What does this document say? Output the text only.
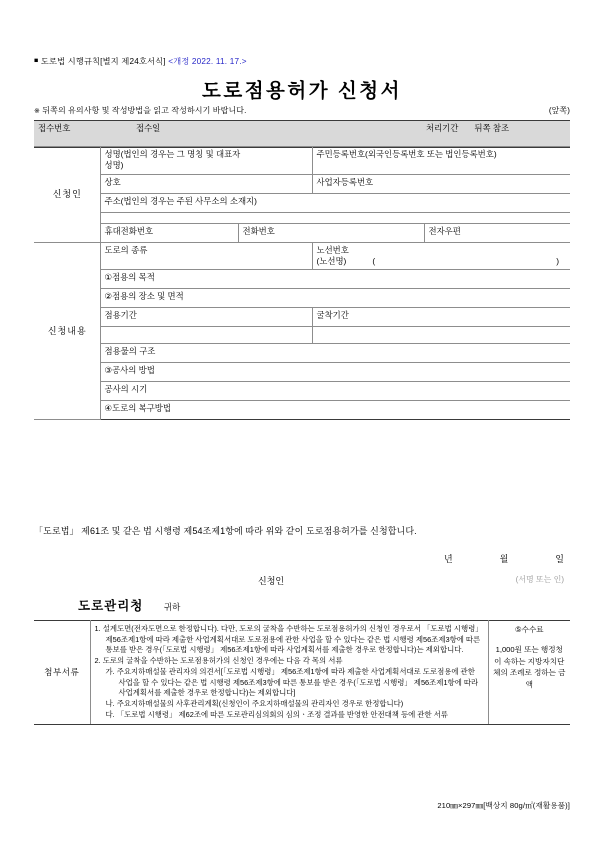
■ 도로법 시행규칙[별지 제24호서식] <개정 2022. 11. 17.>
도로점용허가 신청서
※ 뒤쪽의 유의사항 및 작성방법을 읽고 작성하시기 바랍니다.	(앞쪽)
접수번호	접수일	처리기간 뒤쪽 참조
신청인	성명(법인의 경우는 그 명칭 및 대표자
성명)		주민등록번호(외국인등록번호 또는 법인등록번호)	
	상호		사업자등록번호	
	주소(법인의 경우는 주된 사무소의 소재지)			

	휴대전화번호	전화번호		전자우편
신청내용	도로의 종류		노선번호
(노선명) ( )	

	①점용의 목적			
	②점용의 장소 및 면적			
	점용기간		굴착기간	

	점용물의 구조			
	③공사의 방법			
	공사의 시기			
	④도로의 복구방법			
「도로법」 제61조 및 같은 법 시행령 제54조제1항에 따라 위와 같이 도로점용허가를 신청합니다.
년	월	일
신청인	(서명 또는 인)
도로관리청 귀하
첨부서류	
1. 설계도면(전자도면으로 한정합니다). 다만, 도로의 굴착을 수반하는 도로점용허가의 신청인 경우로서 「도로법 시행령」 제56조제1항에 따라 제출한 사업계획서대로 도로점용에 관한 사업을 할 수 있다는 같은 법 시행령 제56조제3항에 따른 통보를 받은 경우(「도로법 시행령」 제56조제1항에 따라 사업계획서를 제출한 경우로 한정합니다)는 제외합니다.
2. 도로의 굴착을 수반하는 도로점용허가의 신청인 경우에는 다음 각 목의 서류
가. 주요지하매설물 관리자의 의견서[「도로법 시행령」 제56조제1항에 따라 제출한 사업계획서대로 도로점용에 관한 사업을 할 수 있다는 같은 법 시행령 제56조제3항에 따른 통보를 받은 경우(「도로법 시행령」 제56조제1항에 따라 사업계획서를 제출한 경우로 한정합니다)는 제외합니다]
나. 주요지하매설물의 사후관리계획(신청인이 주요지하매설물의 관리자인 경우로 한정합니다)
다. 「도로법 시행령」 제62조에 따른 도로관리심의회의 심의ㆍ조정 결과를 반영한 안전대책 등에 관한 서류

⑤수수료
1,000원 또는 행정청이 속하는 지방자치단체의 조례로 정하는 금액
210㎜×297㎜[백상지 80g/㎡(재활용품)]
